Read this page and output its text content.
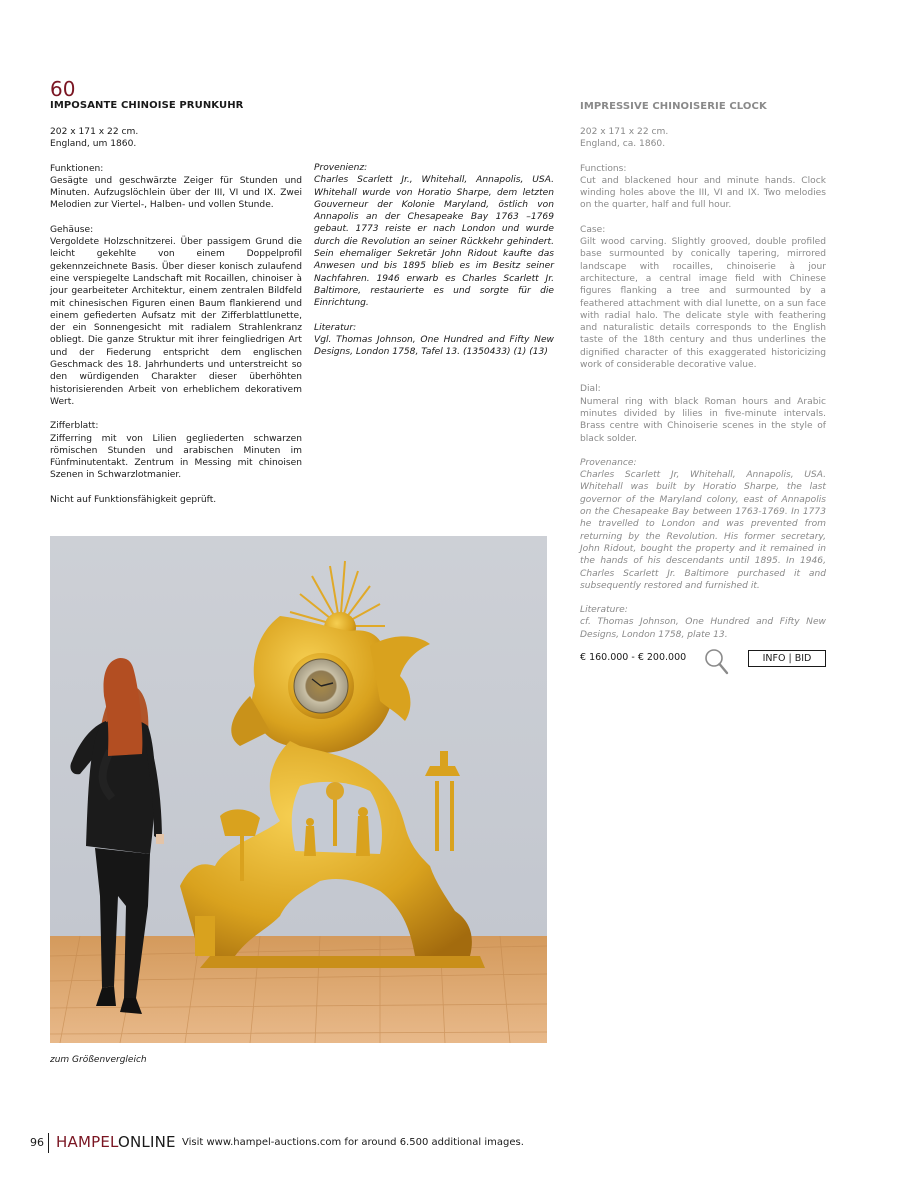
60
IMPOSANTE CHINOISE PRUNKUHR	IMPRESSIVE CHINOISERIE CLOCK

202 x 171 x 22 cm.
England, um 1860.

Funktionen:
Gesägte und geschwärzte Zeiger für Stunden und Minuten. Aufzugslöchlein über der III, VI und IX. Zwei Melodien zur Viertel-, Halben- und vollen Stunde.

Gehäuse:
Vergoldete Holzschnitzerei. Über passigem Grund die leicht gekehlte von einem Doppelprofil gekennzeichnete Basis. Über dieser konisch zulaufend eine verspiegelte Landschaft mit Rocaillen, chinoiser à jour gearbeiteter Architektur, einem zentralen Bildfeld mit chinesischen Figuren einen Baum flankierend und einem gefiederten Aufsatz mit der Zifferblattlunette, der ein Sonnengesicht mit radialem Strahlenkranz obliegt. Die ganze Struktur mit ihrer feingliedrigen Art und der Fiederung entspricht dem englischen Geschmack des 18. Jahrhunderts und unterstreicht so den würdigenden Charakter dieser überhöhten historisierenden Arbeit von erheblichem dekorativem Wert.

Zifferblatt:
Zifferring mit von Lilien gegliederten schwarzen römischen Stunden und arabischen Minuten im Fünfminutentakt. Zentrum in Messing mit chinoisen Szenen in Schwarzlotmanier.

Nicht auf Funktionsfähigkeit geprüft.

Provenienz:
Charles Scarlett Jr., Whitehall, Annapolis, USA. Whitehall wurde von Horatio Sharpe, dem letzten Gouverneur der Kolonie Maryland, östlich von Annapolis an der Chesapeake Bay 1763 –1769 gebaut. 1773 reiste er nach London und wurde durch die Revolution an seiner Rückkehr gehindert. Sein ehemaliger Sekretär John Ridout kaufte das Anwesen und bis 1895 blieb es im Besitz seiner Nachfahren. 1946 erwarb es Charles Scarlett Jr. Baltimore, restaurierte es und sorgte für die Einrichtung.

Literatur:
Vgl. Thomas Johnson, One Hundred and Fifty New Designs, London 1758, Tafel 13. (1350433) (1) (13)

202 x 171 x 22 cm.
England, ca. 1860.

Functions:
Cut and blackened hour and minute hands. Clock winding holes above the III, VI and IX. Two melodies on the quarter, half and full hour.

Case:
Gilt wood carving. Slightly grooved, double profiled base surmounted by conically tapering, mirrored landscape with rocailles, chinoiserie à jour architecture, a central image field with Chinese figures flanking a tree and surmounted by a feathered attachment with dial lunette, on a sun face with radial halo. The delicate style with feathering and naturalistic details corresponds to the English taste of the 18th century and thus underlines the dignified character of this exaggerated historicizing work of considerable decorative value.

Dial:
Numeral ring with black Roman hours and Arabic minutes divided by lilies in five-minute intervals. Brass centre with Chinoiserie scenes in the style of black solder.

Provenance:
Charles Scarlett Jr, Whitehall, Annapolis, USA. Whitehall was built by Horatio Sharpe, the last governor of the Maryland colony, east of Annapolis on the Chesapeake Bay between 1763-1769. In 1773 he travelled to London and was prevented from returning by the Revolution. His former secretary, John Ridout, bought the property and it remained in the hands of his descendants until 1895. In 1946, Charles Scarlett Jr. Baltimore purchased it and subsequently restored and furnished it.

Literature:
cf. Thomas Johnson, One Hundred and Fifty New Designs, London 1758, plate 13.

€ 160.000 - € 200.000	INFO | BID
zum Größenvergleich
96 HAMPEL ONLINE Visit www.hampel-auctions.com for around 6.500 additional images.
